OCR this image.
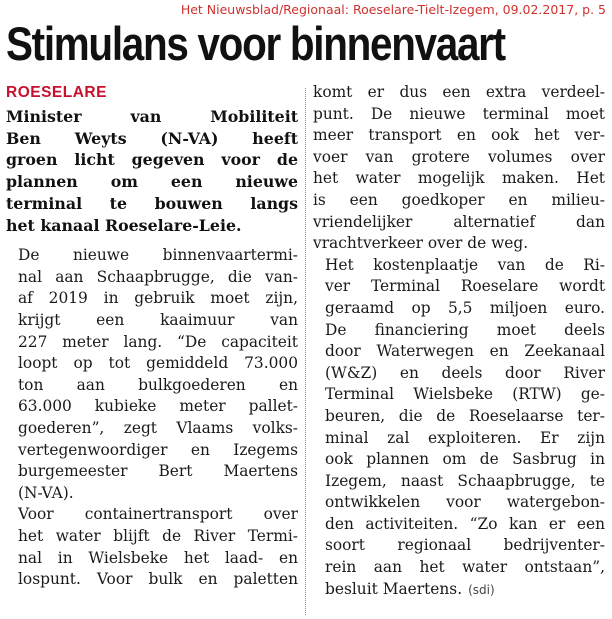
Het Nieuwsblad/Regionaal: Roeselare-Tielt-Izegem, 09.02.2017, p. 5
Stimulans voor binnenvaart
ROESELARE
Minister van Mobiliteit
Ben Weyts (N-VA) heeft
groen licht gegeven voor de
plannen om een nieuwe
terminal te bouwen langs
het kanaal Roeselare-Leie.

De nieuwe binnenvaartermi-
nal aan Schaapbrugge, die van-
af 2019 in gebruik moet zijn,
krijgt een kaaimuur van
227 meter lang. “De capaciteit
loopt op tot gemiddeld 73.000
ton aan bulkgoederen en
63.000 kubieke meter pallet-
goederen”, zegt Vlaams volks-
vertegenwoordiger en Izegems
burgemeester Bert Maertens
(N-VA).

Voor containertransport over
het water blijft de River Termi-
nal in Wielsbeke het laad- en
lospunt. Voor bulk en paletten

komt er dus een extra verdeel-
punt. De nieuwe terminal moet
meer transport en ook het ver-
voer van grotere volumes over
het water mogelijk maken. Het
is een goedkoper en milieu-
vriendelijker alternatief dan
vrachtverkeer over de weg.

Het kostenplaatje van de Ri-
ver Terminal Roeselare wordt
geraamd op 5,5 miljoen euro.
De financiering moet deels
door Waterwegen en Zeekanaal
(W&Z) en deels door River
Terminal Wielsbeke (RTW) ge-
beuren, die de Roeselaarse ter-
minal zal exploiteren. Er zijn
ook plannen om de Sasbrug in
Izegem, naast Schaapbrugge, te
ontwikkelen voor watergebon-
den activiteiten. “Zo kan er een
soort regionaal bedrijventer-
rein aan het water ontstaan”,
besluit Maertens. (sdi)
